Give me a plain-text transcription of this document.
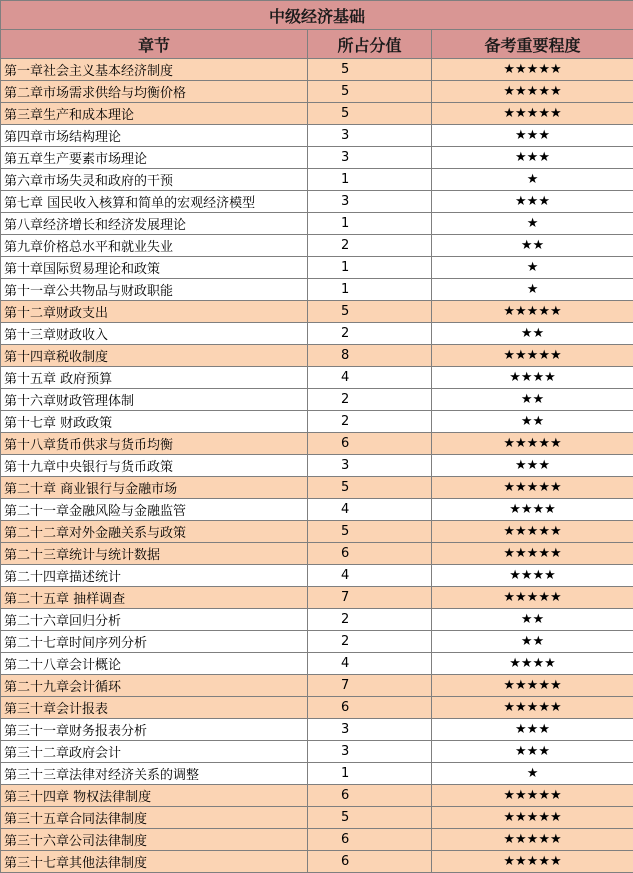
中级经济基础		
章节	所占分值	备考重要程度
第一章社会主义基本经济制度	5	★★★★★
第二章市场需求供给与均衡价格	5	★★★★★
第三章生产和成本理论	5	★★★★★
第四章市场结构理论	3	★★★
第五章生产要素市场理论	3	★★★
第六章市场失灵和政府的干预	1	★
第七章 国民收入核算和简单的宏观经济模型	3	★★★
第八章经济增长和经济发展理论	1	★
第九章价格总水平和就业失业	2	★★
第十章国际贸易理论和政策	1	★
第十一章公共物品与财政职能	1	★
第十二章财政支出	5	★★★★★
第十三章财政收入	2	★★
第十四章税收制度	8	★★★★★
第十五章 政府预算	4	★★★★
第十六章财政管理体制	2	★★
第十七章 财政政策	2	★★
第十八章货币供求与货币均衡	6	★★★★★
第十九章中央银行与货币政策	3	★★★
第二十章 商业银行与金融市场	5	★★★★★
第二十一章金融风险与金融监管	4	★★★★
第二十二章对外金融关系与政策	5	★★★★★
第二十三章统计与统计数据	6	★★★★★
第二十四章描述统计	4	★★★★
第二十五章 抽样调查	7	★★★★★
第二十六章回归分析	2	★★
第二十七章时间序列分析	2	★★
第二十八章会计概论	4	★★★★
第二十九章会计循环	7	★★★★★
第三十章会计报表	6	★★★★★
第三十一章财务报表分析	3	★★★
第三十二章政府会计	3	★★★
第三十三章法律对经济关系的调整	1	★
第三十四章 物权法律制度	6	★★★★★
第三十五章合同法律制度	5	★★★★★
第三十六章公司法律制度	6	★★★★★
第三十七章其他法律制度	6	★★★★★
